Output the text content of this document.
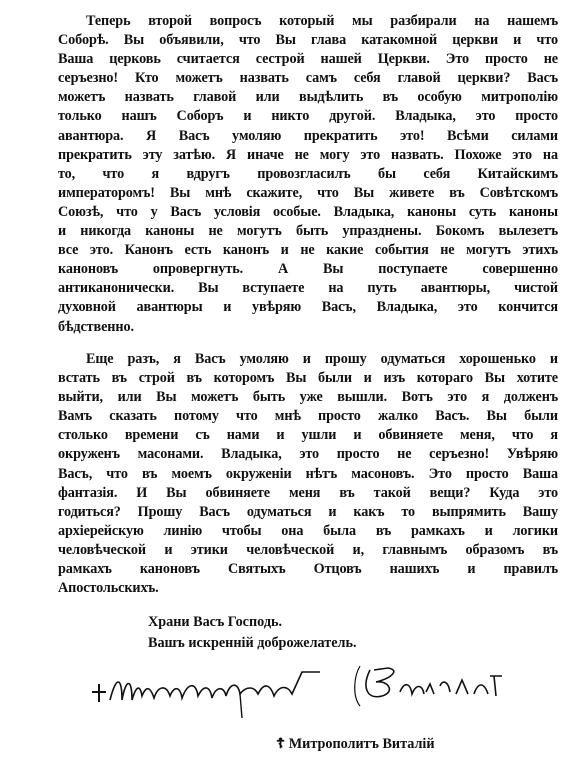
Теперь второй вопросъ который мы разбирали на нашемъ
Соборѣ. Вы объявили, что Вы глава катакомной церкви и что
Ваша церковь считается сестрой нашей Церкви. Это просто не
серъезно! Кто можетъ назвать самъ себя главой церкви? Васъ
можетъ назвать главой или выдѣлить въ особую митрополію
только нашъ Соборъ и никто другой. Владыка, это просто
авантюра. Я Васъ умоляю прекратить это! Всѣми силами
прекратить эту затѣю. Я иначе не могу это назвать. Похоже это на
то, что я вдругъ провозгласилъ бы себя Китайскимъ
императоромъ! Вы мнѣ скажите, что Вы живете въ Совѣтскомъ
Союзѣ, что у Васъ условія особые. Владыка, каноны суть каноны
и никогда каноны не могутъ быть упразднены. Бокомъ вылезетъ
все это. Канонъ есть канонъ и не какие события не могутъ этихъ
каноновъ опровергнуть. А Вы поступаете совершенно
антиканонически. Вы вступаете на путь авантюры, чистой
духовной авантюры и увѣряю Васъ, Владыка, это кончится
бѣдственно.
Еще разъ, я Васъ умоляю и прошу одуматься хорошенько и
встать въ строй въ которомъ Вы были и изъ котораго Вы хотите
выйти, или Вы можетъ быть уже вышли. Вотъ это я долженъ
Вамъ сказать потому что мнѣ просто жалко Васъ. Вы были
столько времени съ нами и ушли и обвиняете меня, что я
окруженъ масонами. Владыка, это просто не серъезно! Увѣряю
Васъ, что въ моемъ окруженіи нѣтъ масоновъ. Это просто Ваша
фантазія. И Вы обвиняете меня въ такой вещи? Куда это
годиться? Прошу Васъ одуматься и какъ то выпрямить Вашу
архіерейскую линію чтобы она была въ рамкахъ и логики
человѣческой и этики человѣческой и, главнымъ образомъ въ
рамкахъ каноновъ Святыхъ Отцовъ нашихъ и правилъ
Апостольскихъ.
Храни Васъ Господь.
Вашъ искренній доброжелатель.
☦ Митрополитъ Виталій
